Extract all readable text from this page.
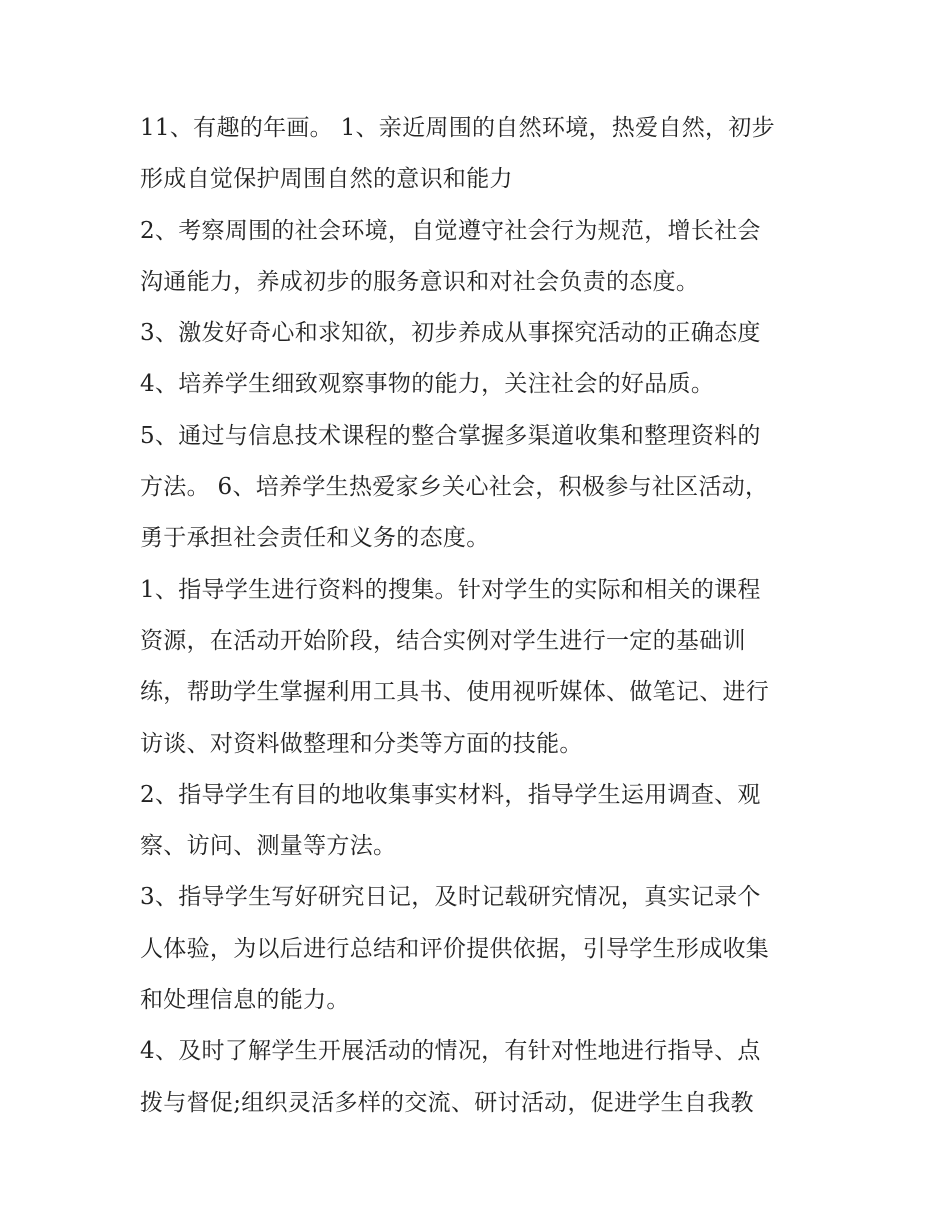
11、有趣的年画。 1、亲近周围的自然环境，热爱自然，初步
形成自觉保护周围自然的意识和能力

2、考察周围的社会环境，自觉遵守社会行为规范，增长社会
沟通能力，养成初步的服务意识和对社会负责的态度。

3、激发好奇心和求知欲，初步养成从事探究活动的正确态度

4、培养学生细致观察事物的能力，关注社会的好品质。

5、通过与信息技术课程的整合掌握多渠道收集和整理资料的
方法。 6、培养学生热爱家乡关心社会，积极参与社区活动，
勇于承担社会责任和义务的态度。

1、指导学生进行资料的搜集。针对学生的实际和相关的课程
资源，在活动开始阶段，结合实例对学生进行一定的基础训
练，帮助学生掌握利用工具书、使用视听媒体、做笔记、进行
访谈、对资料做整理和分类等方面的技能。

2、指导学生有目的地收集事实材料，指导学生运用调查、观
察、访问、测量等方法。

3、指导学生写好研究日记，及时记载研究情况，真实记录个
人体验，为以后进行总结和评价提供依据，引导学生形成收集
和处理信息的能力。

4、及时了解学生开展活动的情况，有针对性地进行指导、点
拨与督促;组织灵活多样的交流、研讨活动，促进学生自我教
